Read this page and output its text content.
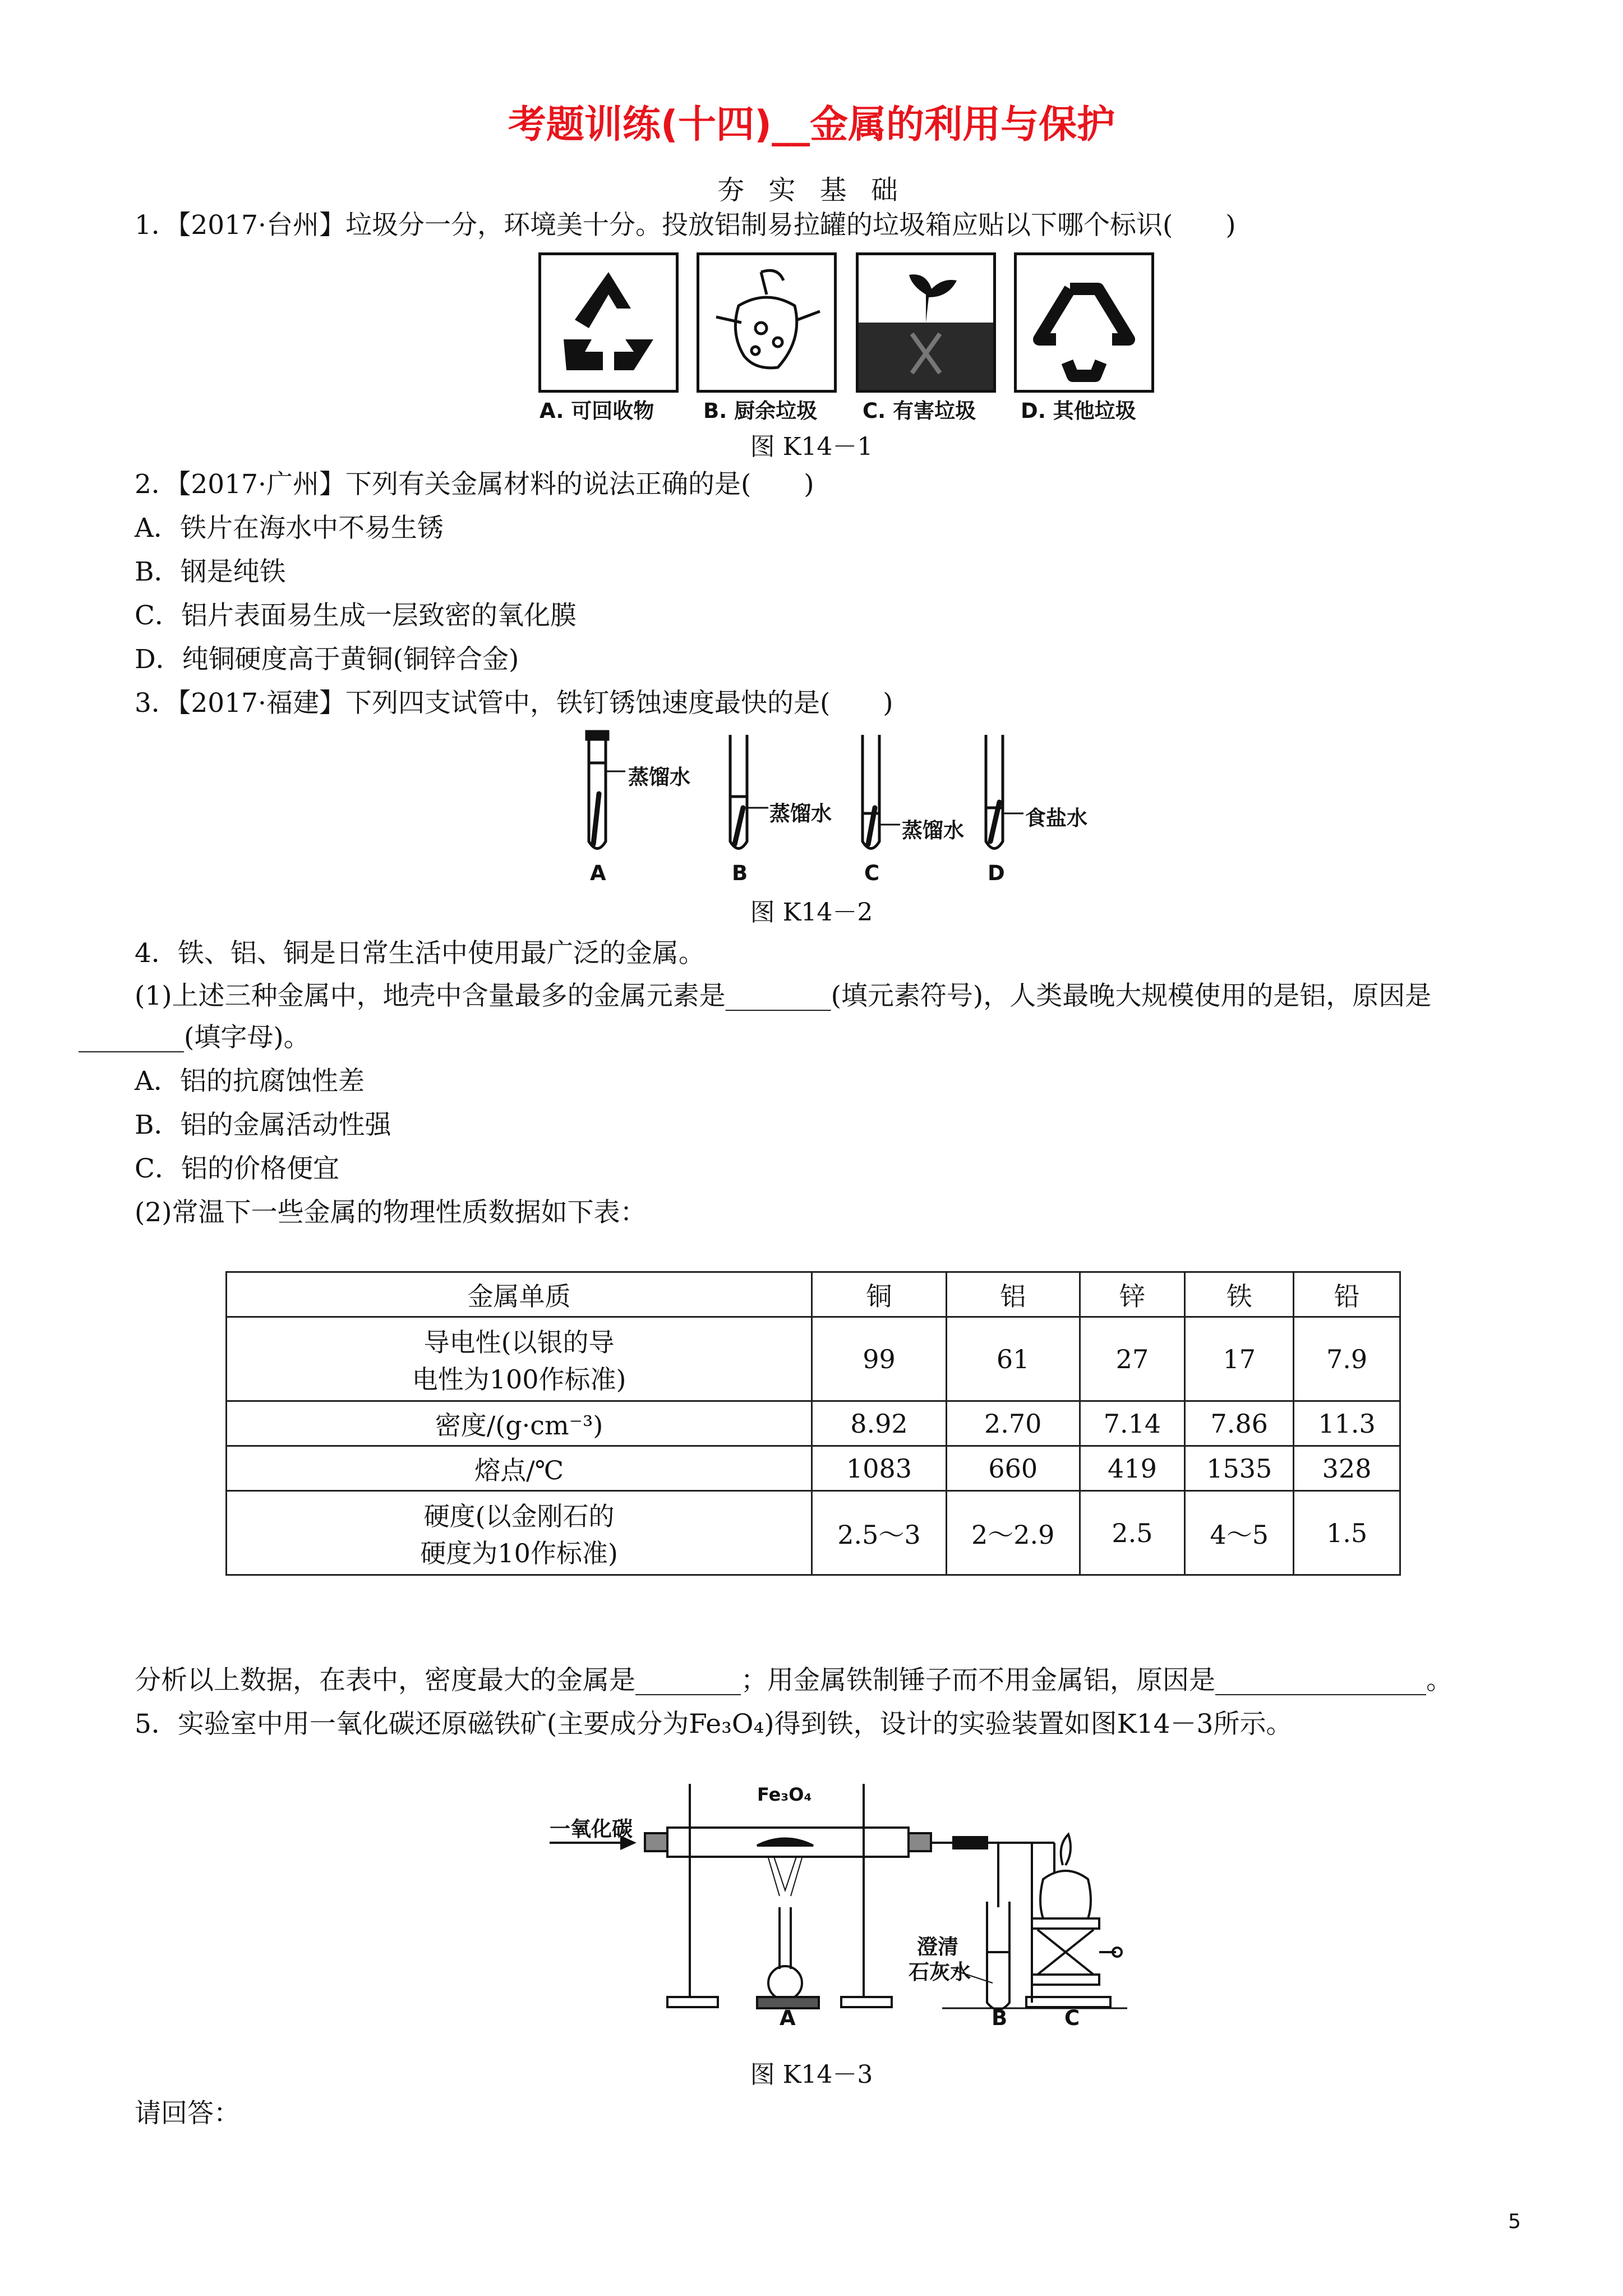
考题训练(十四)__金属的利用与保护
夯 实 基 础
1．【2017·台州】垃圾分一分，环境美十分。投放铝制易拉罐的垃圾箱应贴以下哪个标识(　　)
A. 可回收物 B. 厨余垃圾 C. 有害垃圾 D. 其他垃圾
图 K14－1
2．【2017·广州】下列有关金属材料的说法正确的是(　　)
A．铁片在海水中不易生锈
B．钢是纯铁
C．铝片表面易生成一层致密的氧化膜
D．纯铜硬度高于黄铜(铜锌合金)
3．【2017·福建】下列四支试管中，铁钉锈蚀速度最快的是(　　)
蒸馏水
蒸馏水
蒸馏水
食盐水
A	B	C	D
图 K14－2
4．铁、铝、铜是日常生活中使用最广泛的金属。
(1)上述三种金属中，地壳中含量最多的金属元素是________(填元素符号)，人类最晚大规模使用的是铝，原因是
________(填字母)。
A．铝的抗腐蚀性差
B．铝的金属活动性强
C．铝的价格便宜
(2)常温下一些金属的物理性质数据如下表：
金属单质	铜	铝	锌	铁	铅

导电性(以银的导
电性为100作标准)	99	61	27	17	7.9
密度/(g·cm⁻³)	8.92	2.70	7.14	7.86	11.3
熔点/℃	1083	660	419	1535	328

硬度(以金刚石的
硬度为10作标准)	2.5～3	2～2.9	2.5	4～5	1.5
分析以上数据，在表中，密度最大的金属是________；用金属铁制锤子而不用金属铝，原因是________________。
5．实验室中用一氧化碳还原磁铁矿(主要成分为Fe₃O₄)得到铁，设计的实验装置如图K14－3所示。
一氧化碳
Fe₃O₄
澄清
石灰水
A	B	C
图 K14－3
请回答：
5
